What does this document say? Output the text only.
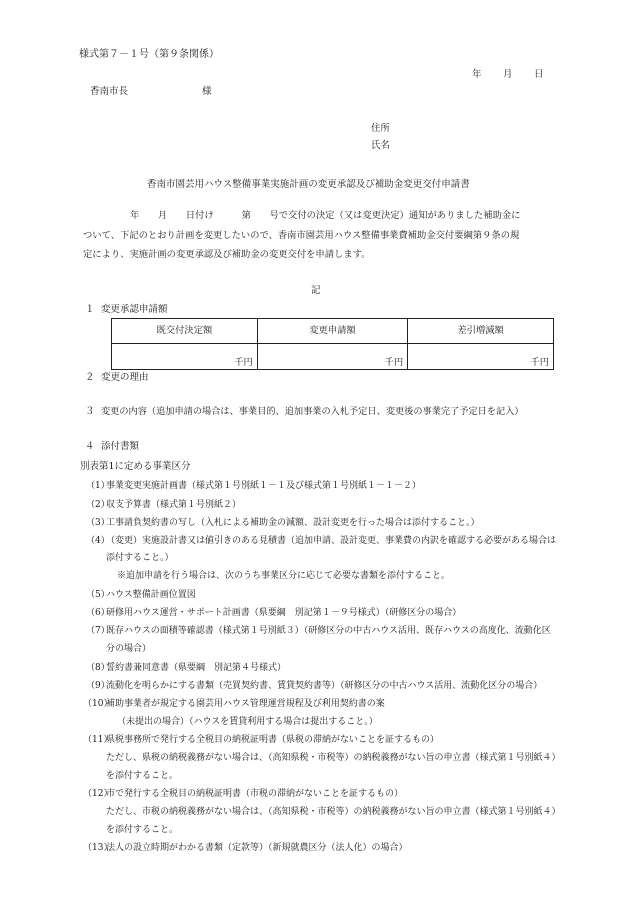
様式第７－１号（第９条関係）
年 月 日
香南市長	様
住所
氏名
香南市園芸用ハウス整備事業実施計画の変更承認及び補助金変更交付申請書
年　　月　　日付け　　　第　　号で交付の決定（又は変更決定）通知がありました補助金に
ついて、下記のとおり計画を変更したいので、香南市園芸用ハウス整備事業費補助金交付要綱第９条の規
定により、実施計画の変更承認及び補助金の変更交付を申請します。
記
１ 変更承認申請額
既交付決定額	変更申請額	差引増減額
千円	千円	千円
２ 変更の理由
３ 変更の内容（追加申請の場合は、事業目的、追加事業の入札予定日、変更後の事業完了予定日を記入）
４ 添付書類
別表第1に定める事業区分
（1）
事業変更実施計画書（様式第１号別紙１－１及び様式第１号別紙１－１－２）
（2）
収支予算書（様式第１号別紙２）
（3）
工事請負契約書の写し（入札による補助金の減額、設計変更を行った場合は添付すること。）
（4）
（変更）実施設計書又は値引きのある見積書（追加申請、設計変更、事業費の内訳を確認する必要がある場合は
添付すること。）
※追加申請を行う場合は、次のうち事業区分に応じて必要な書類を添付すること。
（5）
ハウス整備計画位置図
（6）
研修用ハウス運営・サポート計画書（県要綱　別記第１－９号様式）（研修区分の場合）
（7）
既存ハウスの面積等確認書（様式第１号別紙３）（研修区分の中古ハウス活用、既存ハウスの高度化、流動化区
分の場合）
（8）
誓約書兼同意書（県要綱　別記第４号様式）
（9）
流動化を明らかにする書類（売買契約書、賃貸契約書等）（研修区分の中古ハウス活用、流動化区分の場合）
（10）
補助事業者が規定する園芸用ハウス管理運営規程及び利用契約書の案
（未提出の場合）（ハウスを賃貸利用する場合は提出すること。）
（11）
県税事務所で発行する全税目の納税証明書（県税の滞納がないことを証するもの）
ただし、県税の納税義務がない場合は、（高知県税・市税等）の納税義務がない旨の申立書（様式第１号別紙４）
を添付すること。
（12）
市で発行する全税目の納税証明書（市税の滞納がないことを証するもの）
ただし、市税の納税義務がない場合は、（高知県税・市税等）の納税義務がない旨の申立書（様式第１号別紙４）
を添付すること。
（13）
法人の設立時期がわかる書類（定款等）（新規就農区分（法人化）の場合）
